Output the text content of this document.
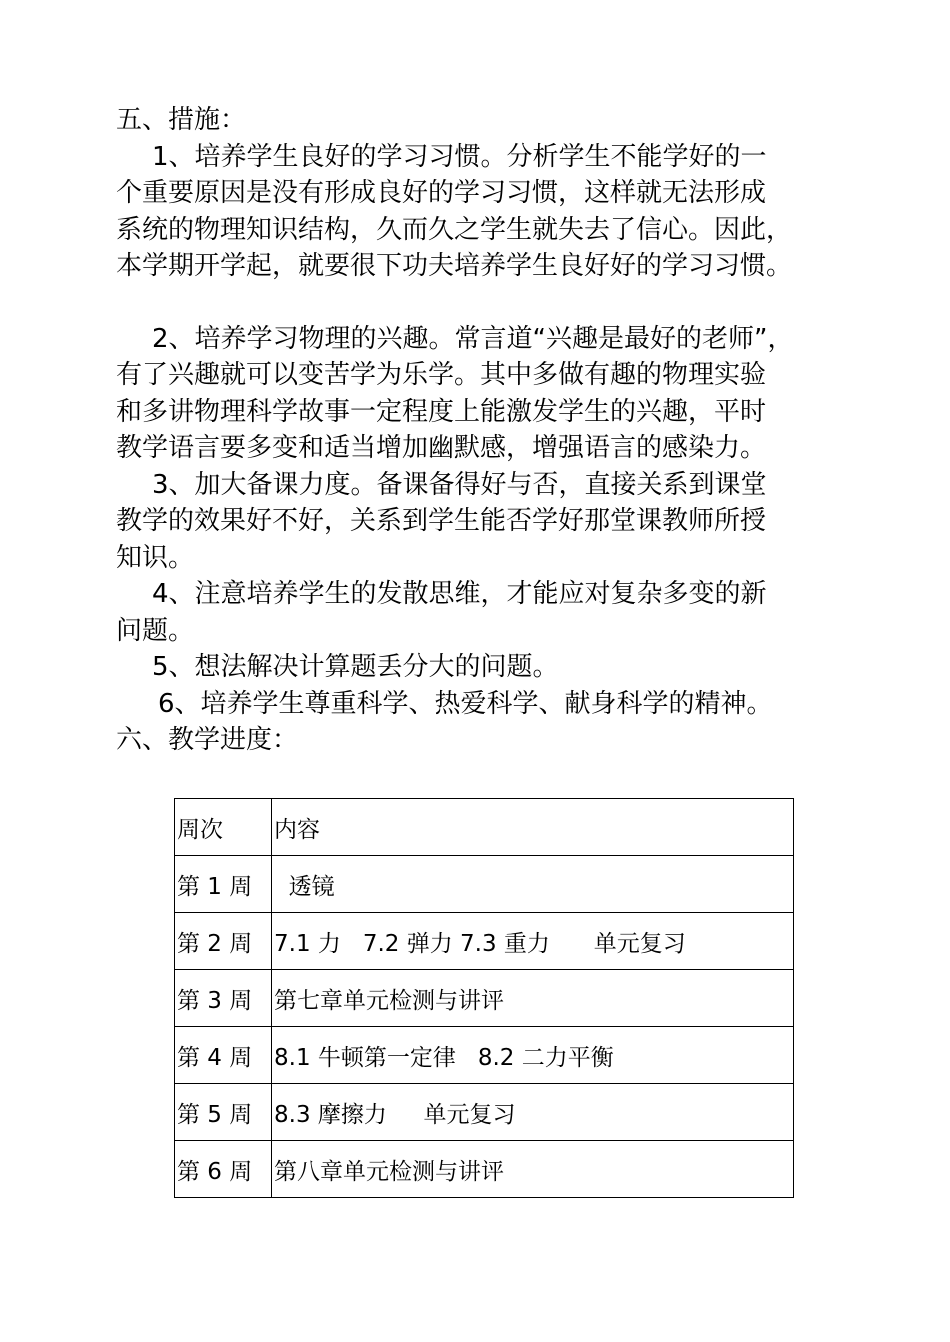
五、措施：
1、培养学生良好的学习习惯。分析学生不能学好的一
个重要原因是没有形成良好的学习习惯，这样就无法形成
系统的物理知识结构，久而久之学生就失去了信心。因此，
本学期开学起，就要很下功夫培养学生良好好的学习习惯。
2、培养学习物理的兴趣。常言道“兴趣是最好的老师”，
有了兴趣就可以变苦学为乐学。其中多做有趣的物理实验
和多讲物理科学故事一定程度上能激发学生的兴趣，平时
教学语言要多变和适当增加幽默感，增强语言的感染力。
3、加大备课力度。备课备得好与否，直接关系到课堂
教学的效果好不好，关系到学生能否学好那堂课教师所授
知识。
4、注意培养学生的发散思维，才能应对复杂多变的新
问题。
5、想法解决计算题丢分大的问题。
6、培养学生尊重科学、热爱科学、献身科学的精神。
六、教学进度：
周次	内容
第 1 周	透镜
第 2 周	7.1 力   7.2 弹力 7.3 重力      单元复习
第 3 周	第七章单元检测与讲评
第 4 周	8.1 牛顿第一定律   8.2 二力平衡
第 5 周	8.3 摩擦力     单元复习
第 6 周	第八章单元检测与讲评
